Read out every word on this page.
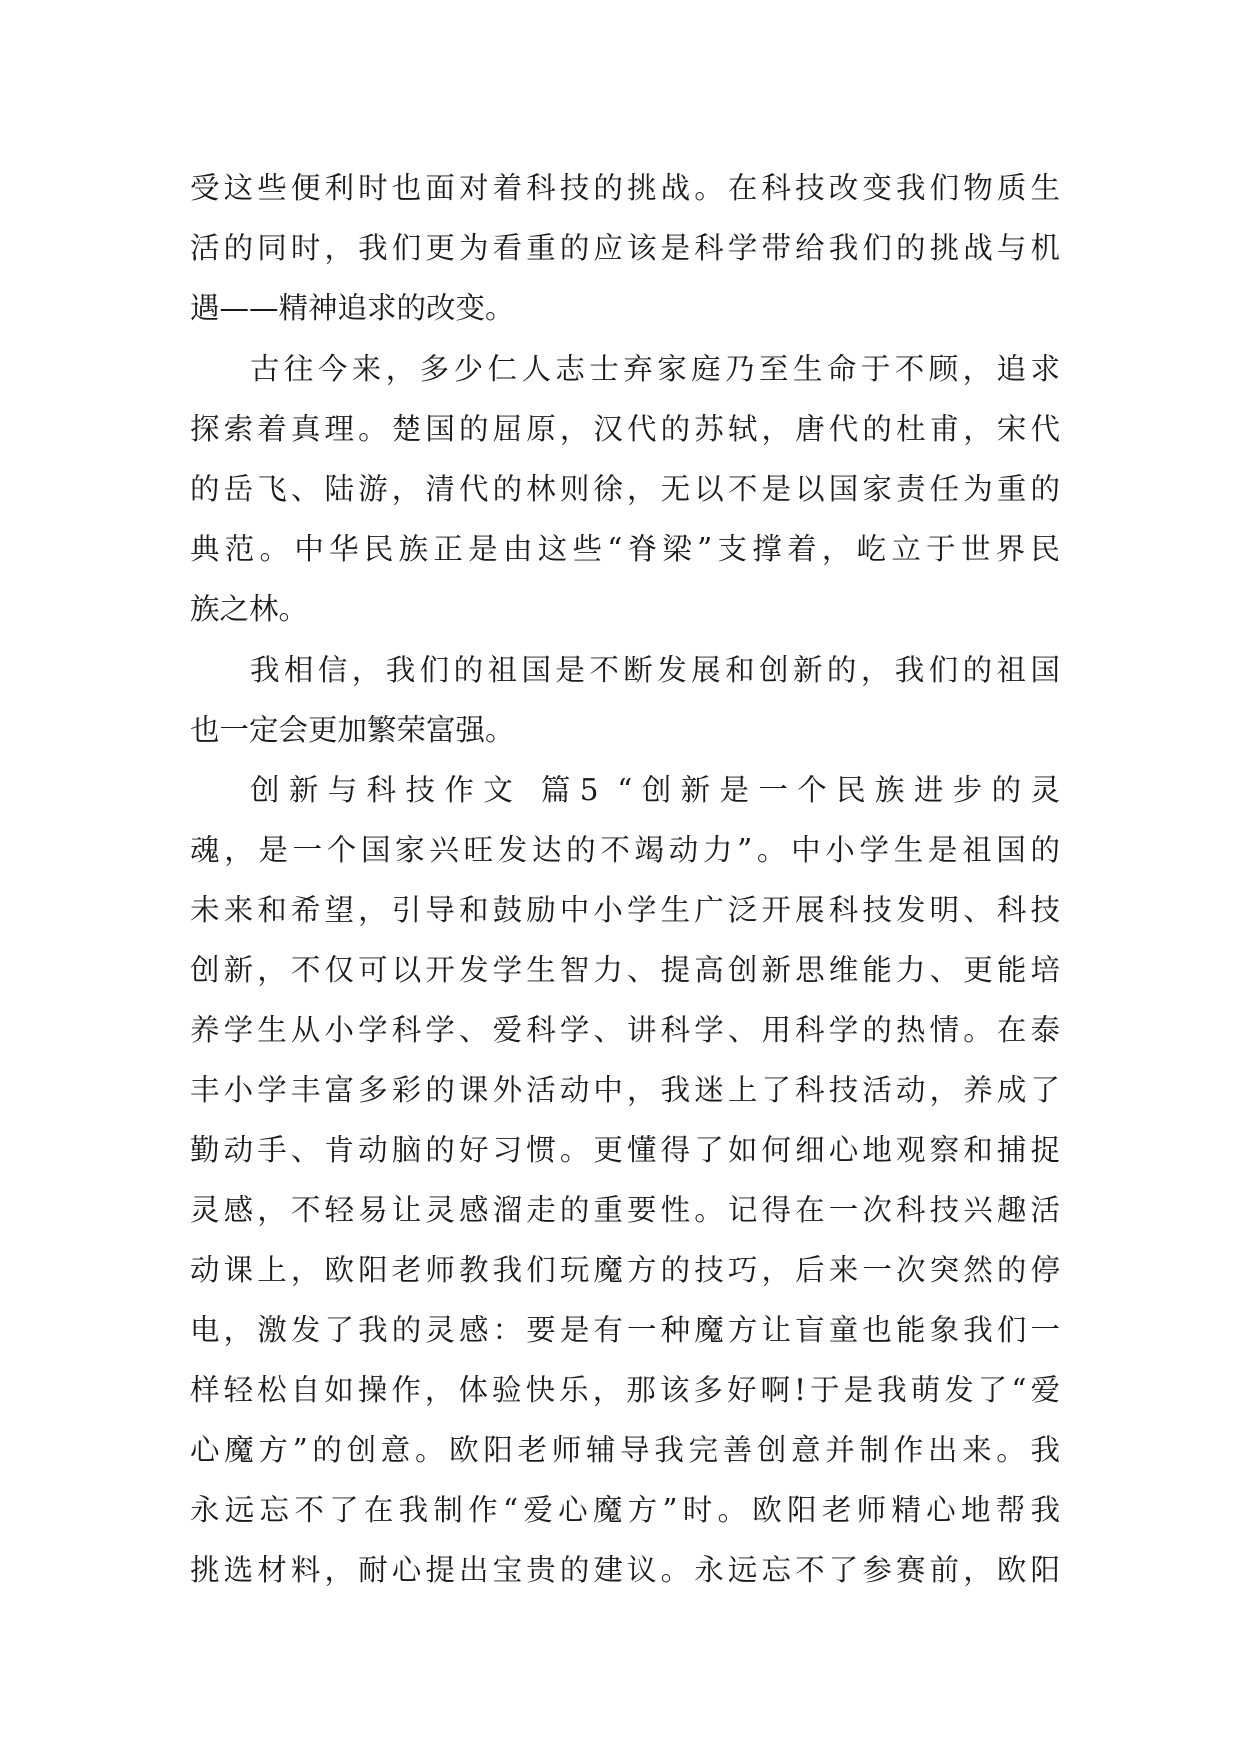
受这些便利时也面对着科技的挑战。在科技改变我们物质生
活的同时，我们更为看重的应该是科学带给我们的挑战与机
遇——精神追求的改变。
古往今来，多少仁人志士弃家庭乃至生命于不顾，追求
探索着真理。楚国的屈原，汉代的苏轼，唐代的杜甫，宋代
的岳飞、陆游，清代的林则徐，无以不是以国家责任为重的
典范。中华民族正是由这些“脊梁”支撑着，屹立于世界民
族之林。
我相信，我们的祖国是不断发展和创新的，我们的祖国
也一定会更加繁荣富强。
创新与科技作文 篇5 “创新是一个民族进步的灵
魂，是一个国家兴旺发达的不竭动力”。中小学生是祖国的
未来和希望，引导和鼓励中小学生广泛开展科技发明、科技
创新，不仅可以开发学生智力、提高创新思维能力、更能培
养学生从小学科学、爱科学、讲科学、用科学的热情。在泰
丰小学丰富多彩的课外活动中，我迷上了科技活动，养成了
勤动手、肯动脑的好习惯。更懂得了如何细心地观察和捕捉
灵感，不轻易让灵感溜走的重要性。记得在一次科技兴趣活
动课上，欧阳老师教我们玩魔方的技巧，后来一次突然的停
电，激发了我的灵感：要是有一种魔方让盲童也能象我们一
样轻松自如操作，体验快乐，那该多好啊!于是我萌发了“爱
心魔方”的创意。欧阳老师辅导我完善创意并制作出来。我
永远忘不了在我制作“爱心魔方”时。欧阳老师精心地帮我
挑选材料，耐心提出宝贵的建议。永远忘不了参赛前，欧阳
